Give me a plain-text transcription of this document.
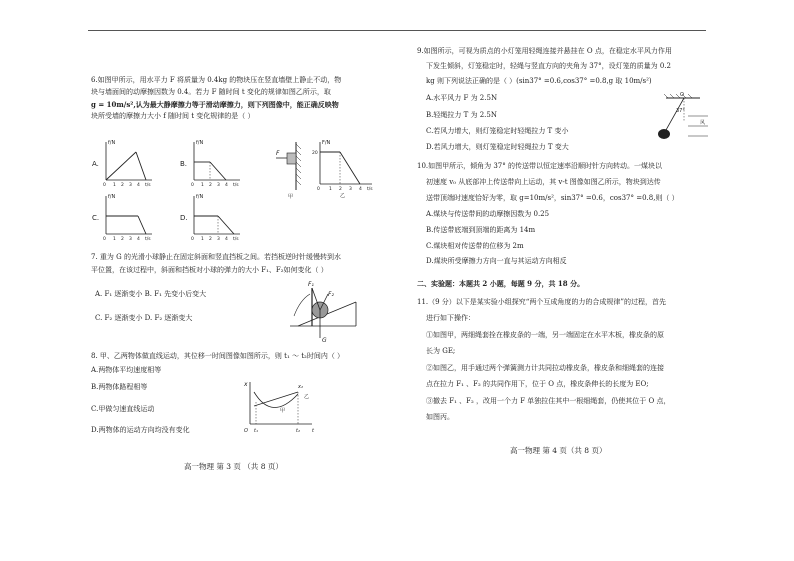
6.如图甲所示，用水平力 F 将质量为 0.4kg 的物块压在竖直墙壁上静止不动，物
块与墙面间的动摩擦因数为 0.4。若力 F 随时间 t 变化的规律如图乙所示，取
g = 10m/s²,认为最大静摩擦力等于滑动摩擦力，则下列图像中，能正确反映物
块所受墙的摩擦力大小 f 随时间 t 变化规律的是（ ）
A.
f/N
0 1 2 3 4 t/s
B.
f/N
0 1 2 3 4 t/s
F
甲
F/N
20
0 1 2 3 4 t/s
乙
C.
f/N
0 1 2 3 4 t/s
D.
f/N
0 1 2 3 4 t/s
7. 重为 G 的光滑小球静止在固定斜面和竖直挡板之间。若挡板逆时针缓慢转到水
平位置，在该过程中，斜面和挡板对小球的弹力的大小 F₁、F₂如何变化（ ）
A. F₁ 逐渐变小 B. F₁ 先变小后变大
C. F₂ 逐渐变小 D. F₂ 逐渐变大
F₁
F₂
G
8. 甲、乙两物体做直线运动，其位移一时间图像如图所示，则 t₁ ～ t₂时间内（ ）
A.两物体平均速度相等
B.两物体路程相等
C.甲做匀速直线运动
D.两物体的运动方向均没有变化
x	x₂
乙
甲
O t₁	t₂ t
高一物理 第 3 页 （共 8 页）
9.如图所示，可视为质点的小灯笼用轻绳连接并悬挂在 O 点，在稳定水平风力作用
下发生倾斜，灯笼稳定时，轻绳与竖直方向的夹角为 37°，设灯笼的质量为 0.2
kg 则下列说法正确的是（ ）(sin37° =0.6,cos37° =0.8,g 取 10m/s²)
A.水平风力 F 为 2.5N
B.轻绳拉力 T 为 2.5N
C.若风力增大，则灯笼稳定时轻绳拉力 T 变小
D.若风力增大，则灯笼稳定时轻绳拉力 T 变大
O
37°
风
10.如图甲所示，倾角为 37° 的传送带以恒定速率沿顺时针方向转动。一煤块以
初速度 v₀ 从底部冲上传送带向上运动，其 v-t 图像如图乙所示，物块到达传
送带顶端时速度恰好为零，取 g=10m/s²，sin37° =0.6，cos37° =0.8,则（ ）
A.煤块与传送带间的动摩擦因数为 0.25
B.传送带底端到顶端的距离为 14m
C.煤块相对传送带的位移为 2m
D.煤块所受摩擦力方向一直与其运动方向相反
二、实验题：本题共 2 小题，每题 9 分，共 18 分。
11.（9 分）以下是某实验小组探究“两个互成角度的力的合成规律”的过程，首先
进行如下操作：
①如图甲，两细绳套拴在橡皮条的一端，另一端固定在水平木板，橡皮条的原
长为 GE;
②如图乙，用手通过两个弹簧测力计共同拉动橡皮条，橡皮条和细绳套的连接
点在拉力 F₁ 、F₂ 的共同作用下，位于 O 点，橡皮条伸长的长度为 EO;
③撤去 F₁ 、F₂ ，改用一个力 F 单独拉住其中一根细绳套，仍使其位于 O 点，
如图丙。
高一物理 第 4 页（共 8 页）
